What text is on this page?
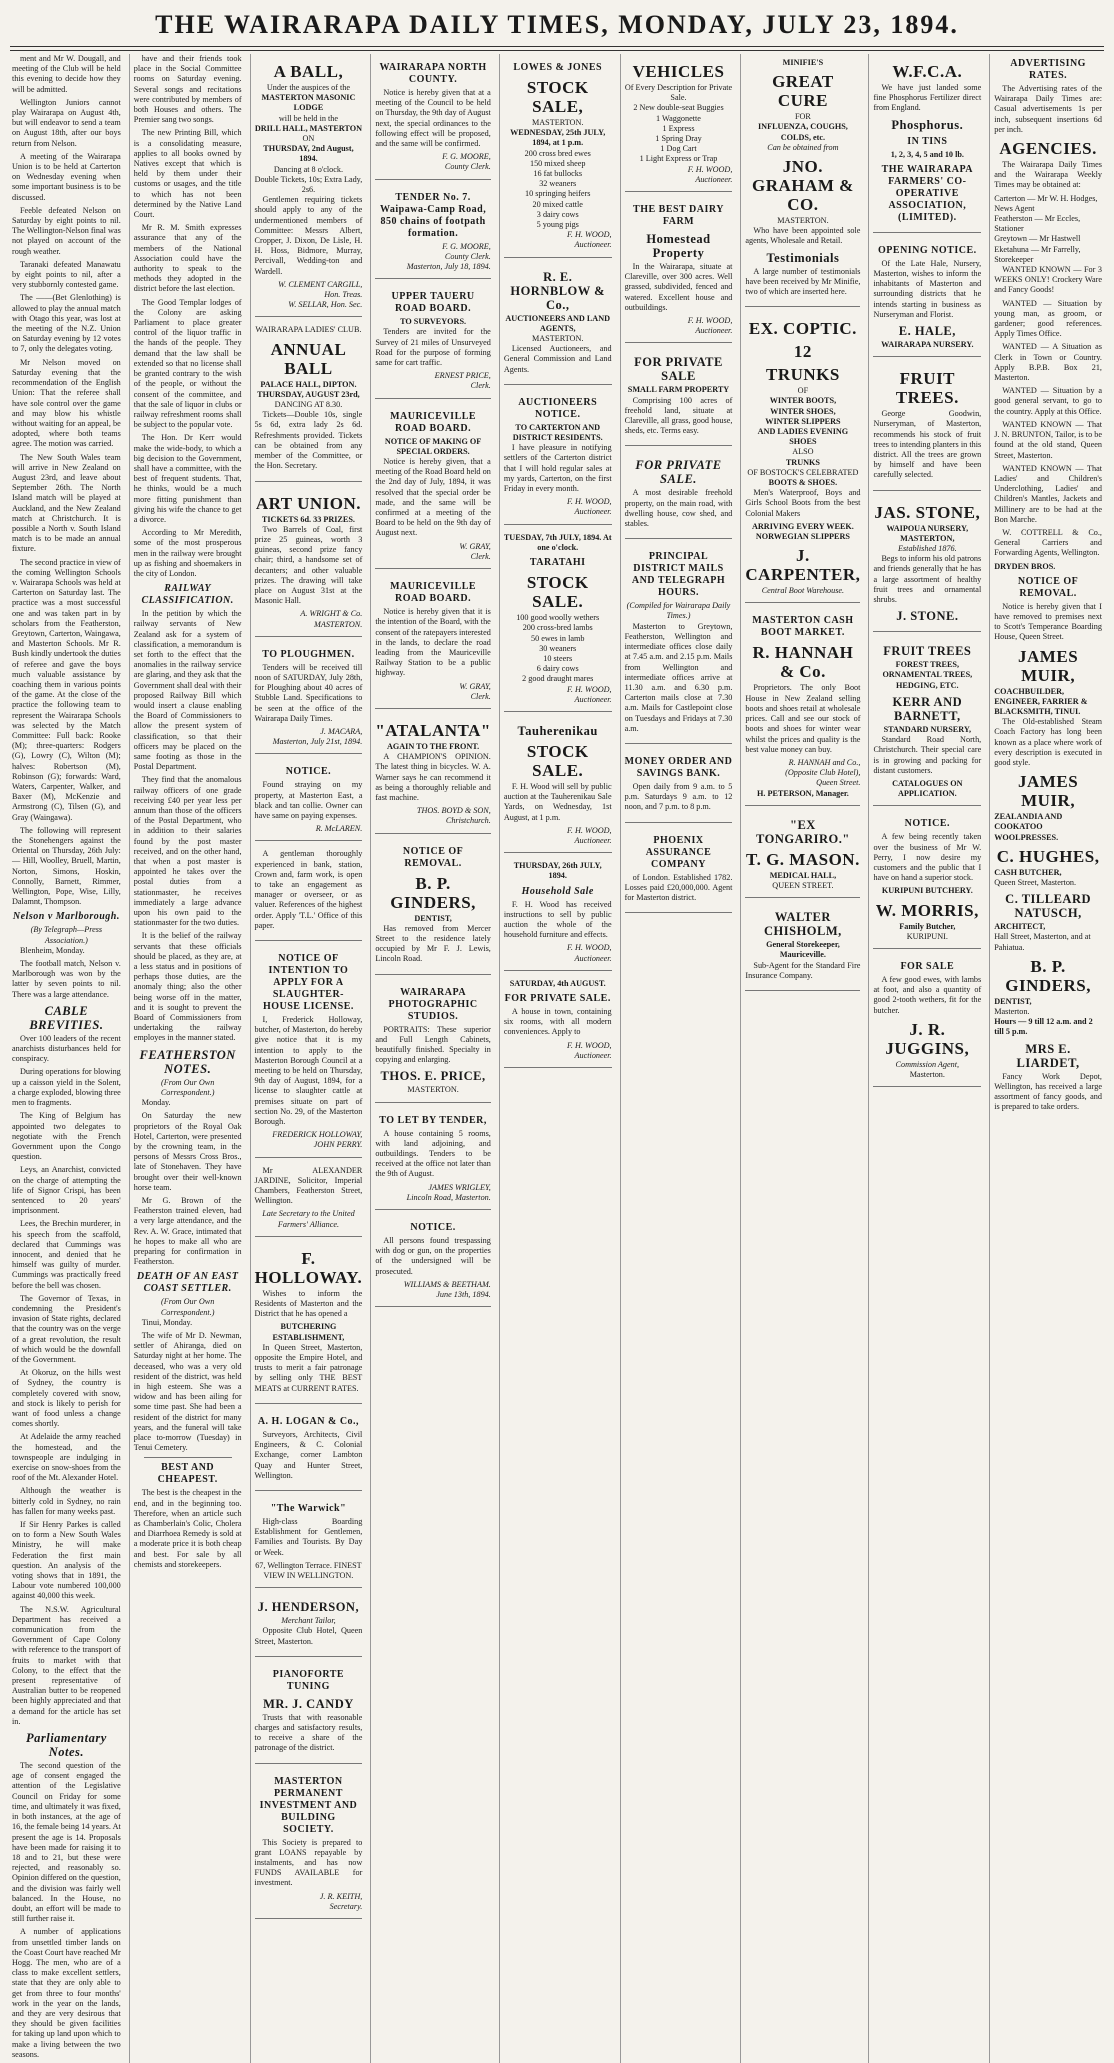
THE WAIRARAPA DAILY TIMES, MONDAY, JULY 23, 1894.

ment and Mr W. Dougall, and meeting of the Club will be held this evening to decide how they will be admitted.

Wellington Juniors cannot play Wairarapa on August 4th, but will endeavor to send a team on August 18th, after our boys return from Nelson.

A meeting of the Wairarapa Union is to be held at Carterton on Wednesday evening when some important business is to be discussed.

Feeble defeated Nelson on Saturday by eight points to nil. The Wellington-Nelson final was not played on account of the rough weather.

Taranaki defeated Manawatu by eight points to nil, after a very stubbornly contested game.

The ——(Bet Glenlothing) is allowed to play the annual match with Otago this year, was lost at the meeting of the N.Z. Union on Saturday evening by 12 votes to 7, only the delegates voting.

Mr Nelson moved on Saturday evening that the recommendation of the English Union: That the referee shall have sole control over the game and may blow his whistle without waiting for an appeal, be adopted, where both teams agree. The motion was carried.

The New South Wales team will arrive in New Zealand on August 23rd, and leave about September 26th. The North Island match will be played at Auckland, and the New Zealand match at Christchurch. It is possible a North v. South Island match is to be made an annual fixture.

The second practice in view of the coming Wellington Schools v. Wairarapa Schools was held at Carterton on Saturday last. The practice was a most successful one and was taken part in by scholars from the Featherston, Greytown, Carterton, Waingawa, and Masterton Schools. Mr R. Bush kindly undertook the duties of referee and gave the boys much valuable assistance by coaching them in various points of the game. At the close of the practice the following team to represent the Wairarapa Schools was selected by the Match Committee: Full back: Rooke (M); three-quarters: Rodgers (G), Lowry (C), Wilton (M); halves: Robertson (M), Robinson (G); forwards: Ward, Waters, Carpenter, Walker, and Baxer (M), McKenzie and Armstrong (C), Tilsen (G), and Gray (Waingawa).

The following will represent the Stonehengers against the Oriental on Thursday, 26th July: — Hill, Woolley, Bruell, Martin, Norton, Simons, Hoskin, Connolly, Barnett, Rimmer, Wellington, Pope, Wise, Lilly, Dalamnt, Thompson.

Nelson v Marlborough.
(By Telegraph—Press Association.)

Blenheim, Monday.

The football match, Nelson v. Marlborough was won by the latter by seven points to nil. There was a large attendance.

CABLE BREVITIES.

Over 100 leaders of the recent anarchists disturbances held for conspiracy.

During operations for blowing up a caisson yield in the Solent, a charge exploded, blowing three men to fragments.

The King of Belgium has appointed two delegates to negotiate with the French Government upon the Congo question.

Leys, an Anarchist, convicted on the charge of attempting the life of Signor Crispi, has been sentenced to 20 years' imprisonment.

Lees, the Brechin murderer, in his speech from the scaffold, declared that Cummings was innocent, and denied that he himself was guilty of murder. Cummings was practically freed before the bell was chosen.

The Governor of Texas, in condemning the President's invasion of State rights, declared that the country was on the verge of a great revolution, the result of which would be the downfall of the Government.

At Okoruz, on the hills west of Sydney, the country is completely covered with snow, and stock is likely to perish for want of food unless a change comes shortly.

At Adelaide the army reached the homestead, and the townspeople are indulging in exercise on snow-shoes from the roof of the Mt. Alexander Hotel.

Although the weather is bitterly cold in Sydney, no rain has fallen for many weeks past.

If Sir Henry Parkes is called on to form a New South Wales Ministry, he will make Federation the first main question. An analysis of the voting shows that in 1891, the Labour vote numbered 100,000 against 40,000 this week.

The N.S.W. Agricultural Department has received a communication from the Government of Cape Colony with reference to the transport of fruits to market with that Colony, to the effect that the present representative of Australian butter to be reopened been highly appreciated and that a demand for the article has set in.

Parliamentary Notes.

The second question of the age of consent engaged the attention of the Legislative Council on Friday for some time, and ultimately it was fixed, in both instances, at the age of 16, the female being 14 years. At present the age is 14. Proposals have been made for raising it to 18 and to 21, but these were rejected, and reasonably so. Opinion differed on the question, and the division was fairly well balanced. In the House, no doubt, an effort will be made to still further raise it.

A number of applications from unsettled timber lands on the Coast Court have reached Mr Hogg. The men, who are of a class to make excellent settlers, state that they are only able to get from three to four months' work in the year on the lands, and they are very desirous that they should be given facilities for taking up land upon which to make a living between the two seasons.

have and their friends took place in the Social Committee rooms on Saturday evening. Several songs and recitations were contributed by members of both Houses and others. The Premier sang two songs.

The new Printing Bill, which is a consolidating measure, applies to all books owned by Natives except that which is held by them under their customs or usages, and the title to which has not been determined by the Native Land Court.

Mr R. M. Smith expresses assurance that any of the members of the National Association could have the authority to speak to the methods they adopted in the district before the last election.

The Good Templar lodges of the Colony are asking Parliament to place greater control of the liquor traffic in the hands of the people. They demand that the law shall be extended so that no license shall be granted contrary to the wish of the people, or without the consent of the committee, and that the sale of liquor in clubs or railway refreshment rooms shall be subject to the popular vote.

The Hon. Dr Kerr would make the wide-body, to which a big decision to the Government, shall have a committee, with the best of frequent students. That, he thinks, would be a much more fitting punishment than giving his wife the chance to get a divorce.

According to Mr Meredith, some of the most prosperous men in the railway were brought up as fishing and shoemakers in the city of London.

RAILWAY CLASSIFICATION.

In the petition by which the railway servants of New Zealand ask for a system of classification, a memorandum is set forth to the effect that the anomalies in the railway service are glaring, and they ask that the Government shall deal with their proposed Railway Bill which would insert a clause enabling the Board of Commissioners to allow the present system of classification, so that their officers may be placed on the same footing as those in the Postal Department.

They find that the anomalous railway officers of one grade receiving £40 per year less per annum than those of the officers of the Postal Department, who in addition to their salaries found by the post master received, and on the other hand, that when a post master is appointed he takes over the postal duties from a stationmaster, he receives immediately a large advance upon his own paid to the stationmaster for the two duties.

It is the belief of the railway servants that these officials should be placed, as they are, at a less status and in positions of perhaps those duties, are the anomaly thing; also the other being worse off in the matter, and it is sought to prevent the Board of Commissioners from undertaking the railway employes in the manner stated.

FEATHERSTON NOTES.
(From Our Own Correspondent.)

Monday.

On Saturday the new proprietors of the Royal Oak Hotel, Carterton, were presented by the crowning team, in the persons of Messrs Cross Bros., late of Stonehaven. They have brought over their well-known horse team.

Mr G. Brown of the Featherston trained eleven, had a very large attendance, and the Rev. A. W. Grace, intimated that he hopes to make all who are preparing for confirmation in Featherston.

DEATH OF AN EAST COAST SETTLER.
(From Our Own Correspondent.)

Tinui, Monday.

The wife of Mr D. Newman, settler of Ahiranga, died on Saturday night at her home. The deceased, who was a very old resident of the district, was held in high esteem. She was a widow and has been ailing for some time past. She had been a resident of the district for many years, and the funeral will take place to-morrow (Tuesday) in Tenui Cemetery.

BEST AND CHEAPEST.

The best is the cheapest in the end, and in the beginning too. Therefore, when an article such as Chamberlain's Colic, Cholera and Diarrhoea Remedy is sold at a moderate price it is both cheap and best. For sale by all chemists and storekeepers.

A BALL,
Under the auspices of the
MASTERTON MASONIC LODGE
will be held in the
DRILL HALL, MASTERTON
ON
THURSDAY, 2nd August, 1894.
Dancing at 8 o'clock.
Double Tickets, 10s; Extra Lady, 2s6.

Gentlemen requiring tickets should apply to any of the undermentioned members of Committee: Messrs Albert, Cropper, J. Dixon, De Lisle, H. H. Hoss, Bidmore, Murray, Percivall, Wedding-ton and Wardell.

W. CLEMENT CARGILL,
Hon. Treas.
W. SELLAR, Hon. Sec.
WAIRARAPA LADIES' CLUB.
ANNUAL BALL
PALACE HALL, DIPTON.
THURSDAY, AUGUST 23rd,
DANCING AT 8.30.

Tickets—Double 10s, single 5s 6d, extra lady 2s 6d. Refreshments provided. Tickets can be obtained from any member of the Committee, or the Hon. Secretary.

ART UNION.
TICKETS 6d. 33 PRIZES.

Two Barrels of Coal, first prize 25 guineas, worth 3 guineas, second prize fancy chair; third, a handsome set of decanters; and other valuable prizes. The drawing will take place on August 31st at the Masonic Hall.

A. WRIGHT & Co.
MASTERTON.
TO PLOUGHMEN.

Tenders will be received till noon of SATURDAY, July 28th, for Ploughing about 40 acres of Stubble Land. Specifications to be seen at the office of the Wairarapa Daily Times.

J. MACARA,
Masterton, July 21st, 1894.
NOTICE.

Found straying on my property, at Masterton East, a black and tan collie. Owner can have same on paying expenses.

R. McLAREN.

A gentleman thoroughly experienced in bank, station, Crown and, farm work, is open to take an engagement as manager or overseer, or as valuer. References of the highest order. Apply 'T.L.' Office of this paper.

NOTICE OF INTENTION TO APPLY FOR A SLAUGHTER-HOUSE LICENSE.

I, Frederick Holloway, butcher, of Masterton, do hereby give notice that it is my intention to apply to the Masterton Borough Council at a meeting to be held on Thursday, 9th day of August, 1894, for a license to slaughter cattle at premises situate on part of section No. 29, of the Masterton Borough.

FREDERICK HOLLOWAY,
JOHN PERRY.

Mr ALEXANDER JARDINE, Solicitor, Imperial Chambers, Featherston Street, Wellington.

Late Secretary to the United Farmers' Alliance.
F. HOLLOWAY.

Wishes to inform the Residents of Masterton and the District that he has opened a

BUTCHERING ESTABLISHMENT,

In Queen Street, Masterton, opposite the Empire Hotel, and trusts to merit a fair patronage by selling only THE BEST MEATS at CURRENT RATES.

A. H. LOGAN & Co.,

Surveyors, Architects, Civil Engineers, & C. Colonial Exchange, corner Lambton Quay and Hunter Street, Wellington.

"The Warwick"

High-class Boarding Establishment for Gentlemen, Families and Tourists. By Day or Week.

67, Wellington Terrace. FINEST VIEW IN WELLINGTON.
J. HENDERSON,
Merchant Tailor,

Opposite Club Hotel, Queen Street, Masterton.

PIANOFORTE TUNING
MR. J. CANDY

Trusts that with reasonable charges and satisfactory results, to receive a share of the patronage of the district.

MASTERTON PERMANENT INVESTMENT AND BUILDING SOCIETY.

This Society is prepared to grant LOANS repayable by instalments, and has now FUNDS AVAILABLE for investment.

J. R. KEITH,
Secretary.
WAIRARAPA NORTH COUNTY.

Notice is hereby given that at a meeting of the Council to be held on Thursday, the 9th day of August next, the special ordinances to the following effect will be proposed, and the same will be confirmed.

F. G. MOORE,
County Clerk.
TENDER No. 7. Waipawa-Camp Road, 850 chains of footpath formation.
F. G. MOORE,
County Clerk.
Masterton, July 18, 1894.
UPPER TAUERU ROAD BOARD.
TO SURVEYORS.

Tenders are invited for the Survey of 21 miles of Unsurveyed Road for the purpose of forming same for cart traffic.

ERNEST PRICE,
Clerk.
MAURICEVILLE ROAD BOARD.
NOTICE OF MAKING OF SPECIAL ORDERS.

Notice is hereby given, that a meeting of the Road Board held on the 2nd day of July, 1894, it was resolved that the special order be made, and the same will be confirmed at a meeting of the Board to be held on the 9th day of August next.

W. GRAY,
Clerk.
MAURICEVILLE ROAD BOARD.

Notice is hereby given that it is the intention of the Board, with the consent of the ratepayers interested in the lands, to declare the road leading from the Mauriceville Railway Station to be a public highway.

W. GRAY,
Clerk.
"ATALANTA"
AGAIN TO THE FRONT.

A CHAMPION'S OPINION. The latest thing in bicycles. W. A. Warner says he can recommend it as being a thoroughly reliable and fast machine.

THOS. BOYD & SON,
Christchurch.
NOTICE OF REMOVAL.
B. P. GINDERS,
DENTIST,

Has removed from Mercer Street to the residence lately occupied by Mr F. J. Lewis, Lincoln Road.

WAIRARAPA PHOTOGRAPHIC STUDIOS.

PORTRAITS: These superior and Full Length Cabinets, beautifully finished. Specialty in copying and enlarging.

THOS. E. PRICE,
MASTERTON.
TO LET BY TENDER,

A house containing 5 rooms, with land adjoining, and outbuildings. Tenders to be received at the office not later than the 9th of August.

JAMES WRIGLEY,
Lincoln Road, Masterton.
NOTICE.

All persons found trespassing with dog or gun, on the properties of the undersigned will be prosecuted.

WILLIAMS & BEETHAM.
June 13th, 1894.
LOWES & JONES
STOCK SALE,
MASTERTON.
WEDNESDAY, 25th JULY, 1894, at 1 p.m.
200 cross bred ewes
150 mixed sheep
16 fat bullocks
32 weaners
10 springing heifers
20 mixed cattle
3 dairy cows
5 young pigs
F. H. WOOD,
Auctioneer.
R. E. HORNBLOW & Co.,
AUCTIONEERS AND LAND AGENTS,
MASTERTON.

Licensed Auctioneers, and General Commission and Land Agents.

AUCTIONEERS NOTICE.
TO CARTERTON AND DISTRICT RESIDENTS.

I have pleasure in notifying settlers of the Carterton district that I will hold regular sales at my yards, Carterton, on the first Friday in every month.

F. H. WOOD,
Auctioneer.
TUESDAY, 7th JULY, 1894. At one o'clock.
TARATAHI
STOCK SALE.
100 good woolly wethers
200 cross-bred lambs
50 ewes in lamb
30 weaners
10 steers
6 dairy cows
2 good draught mares
F. H. WOOD,
Auctioneer.
Tauherenikau
STOCK SALE.

F. H. Wood will sell by public auction at the Tauherenikau Sale Yards, on Wednesday, 1st August, at 1 p.m.

F. H. WOOD,
Auctioneer.
THURSDAY, 26th JULY, 1894.
Household Sale

F. H. Wood has received instructions to sell by public auction the whole of the household furniture and effects.

F. H. WOOD,
Auctioneer.
SATURDAY, 4th AUGUST.
FOR PRIVATE SALE.

A house in town, containing six rooms, with all modern conveniences. Apply to

F. H. WOOD,
Auctioneer.
VEHICLES
Of Every Description for Private Sale.
2 New double-seat Buggies
1 Waggonette
1 Express
1 Spring Dray
1 Dog Cart
1 Light Express or Trap
F. H. WOOD,
Auctioneer.
THE BEST DAIRY FARM
Homestead Property

In the Wairarapa, situate at Clareville, over 300 acres. Well grassed, subdivided, fenced and watered. Excellent house and outbuildings.

F. H. WOOD,
Auctioneer.
FOR PRIVATE SALE
SMALL FARM PROPERTY

Comprising 100 acres of freehold land, situate at Clareville, all grass, good house, sheds, etc. Terms easy.

FOR PRIVATE SALE.

A most desirable freehold property, on the main road, with dwelling house, cow shed, and stables.

PRINCIPAL DISTRICT MAILS AND TELEGRAPH HOURS.
(Compiled for Wairarapa Daily Times.)

Masterton to Greytown, Featherston, Wellington and intermediate offices close daily at 7.45 a.m. and 2.15 p.m. Mails from Wellington and intermediate offices arrive at 11.30 a.m. and 6.30 p.m. Carterton mails close at 7.30 a.m. Mails for Castlepoint close on Tuesdays and Fridays at 7.30 a.m.

MONEY ORDER AND SAVINGS BANK.

Open daily from 9 a.m. to 5 p.m. Saturdays 9 a.m. to 12 noon, and 7 p.m. to 8 p.m.

PHOENIX ASSURANCE COMPANY

of London. Established 1782. Losses paid £20,000,000. Agent for Masterton district.

MINIFIE'S
GREAT CURE
FOR
INFLUENZA, COUGHS, COLDS, etc.
Can be obtained from
JNO. GRAHAM & CO.
MASTERTON.

Who have been appointed sole agents, Wholesale and Retail.

Testimonials

A large number of testimonials have been received by Mr Minifie, two of which are inserted here.

EX. COPTIC.
12
TRUNKS
OF
WINTER BOOTS,
WINTER SHOES,
WINTER SLIPPERS
AND LADIES EVENING SHOES
ALSO
TRUNKS
OF BOSTOCK'S CELEBRATED
BOOTS & SHOES.

Men's Waterproof, Boys and Girls School Boots from the best Colonial Makers

ARRIVING EVERY WEEK.
NORWEGIAN SLIPPERS
J. CARPENTER,
Central Boot Warehouse.
MASTERTON CASH BOOT MARKET.
R. HANNAH & Co.

Proprietors. The only Boot House in New Zealand selling boots and shoes retail at wholesale prices. Call and see our stock of boots and shoes for winter wear whilst the prices and quality is the best value money can buy.

R. HANNAH and Co.,
(Opposite Club Hotel),
Queen Street.
H. PETERSON, Manager.
"EX TONGARIRO."
T. G. MASON.
MEDICAL HALL,
QUEEN STREET.
WALTER CHISHOLM,
General Storekeeper, Mauriceville.

Sub-Agent for the Standard Fire Insurance Company.

W.F.C.A.

We have just landed some fine Phosphorus Fertilizer direct from England.

Phosphorus.
IN TINS
1, 2, 3, 4, 5 and 10 lb.
THE WAIRARAPA FARMERS' CO-OPERATIVE ASSOCIATION, (LIMITED).
OPENING NOTICE.

Of the Late Hale, Nursery, Masterton, wishes to inform the inhabitants of Masterton and surrounding districts that he intends starting in business as Nurseryman and Florist.

E. HALE,
WAIRARAPA NURSERY.
FRUIT TREES.

George Goodwin, Nurseryman, of Masterton, recommends his stock of fruit trees to intending planters in this district. All the trees are grown by himself and have been carefully selected.

JAS. STONE,
WAIPOUA NURSERY, MASTERTON,
Established 1876.

Begs to inform his old patrons and friends generally that he has a large assortment of healthy fruit trees and ornamental shrubs.

J. STONE.
FRUIT TREES
FOREST TREES, ORNAMENTAL TREES, HEDGING, ETC.
KERR AND BARNETT,
STANDARD NURSERY,

Standard Road North, Christchurch. Their special care is in growing and packing for distant customers.

CATALOGUES ON APPLICATION.
NOTICE.

A few being recently taken over the business of Mr W. Perry, I now desire my customers and the public that I have on hand a superior stock.

KURIPUNI BUTCHERY.
W. MORRIS,
Family Butcher,
KURIPUNI.
FOR SALE

A few good ewes, with lambs at foot, and also a quantity of good 2-tooth wethers, fit for the butcher.

J. R. JUGGINS,
Commission Agent,
Masterton.
ADVERTISING RATES.

The Advertising rates of the Wairarapa Daily Times are: Casual advertisements 1s per inch, subsequent insertions 6d per inch.

AGENCIES.

The Wairarapa Daily Times and the Wairarapa Weekly Times may be obtained at:

Carterton — Mr W. H. Hodges, News Agent
Featherston — Mr Eccles, Stationer
Greytown — Mr Hastwell
Eketahuna — Mr Farrelly, Storekeeper

WANTED KNOWN — For 3 WEEKS ONLY! Crockery Ware and Fancy Goods!

WANTED — Situation by young man, as groom, or gardener; good references. Apply Times Office.

WANTED — A Situation as Clerk in Town or Country. Apply B.P.B. Box 21, Masterton.

WANTED — Situation by a good general servant, to go to the country. Apply at this Office.

WANTED KNOWN — That J. N. BRUNTON, Tailor, is to be found at the old stand, Queen Street, Masterton.

WANTED KNOWN — That Ladies' and Children's Underclothing, Ladies' and Children's Mantles, Jackets and Millinery are to be had at the Bon Marche.

W. COTTRELL & Co., General Carriers and Forwarding Agents, Wellington.

DRYDEN BROS.
NOTICE OF REMOVAL.

Notice is hereby given that I have removed to premises next to Scott's Temperance Boarding House, Queen Street.

JAMES MUIR,
COACHBUILDER, ENGINEER, FARRIER & BLACKSMITH, TINUI.

The Old-established Steam Coach Factory has long been known as a place where work of every description is executed in good style.

JAMES MUIR,
ZEALANDIA AND COOKATOO WOOLPRESSES.
C. HUGHES,
CASH BUTCHER,
Queen Street, Masterton.
C. TILLEARD NATUSCH,
ARCHITECT,
Hall Street, Masterton, and at Pahiatua.
B. P. GINDERS,
DENTIST,
Masterton.
Hours — 9 till 12 a.m. and 2 till 5 p.m.
MRS E. LIARDET,

Fancy Work Depot, Wellington, has received a large assortment of fancy goods, and is prepared to take orders.
